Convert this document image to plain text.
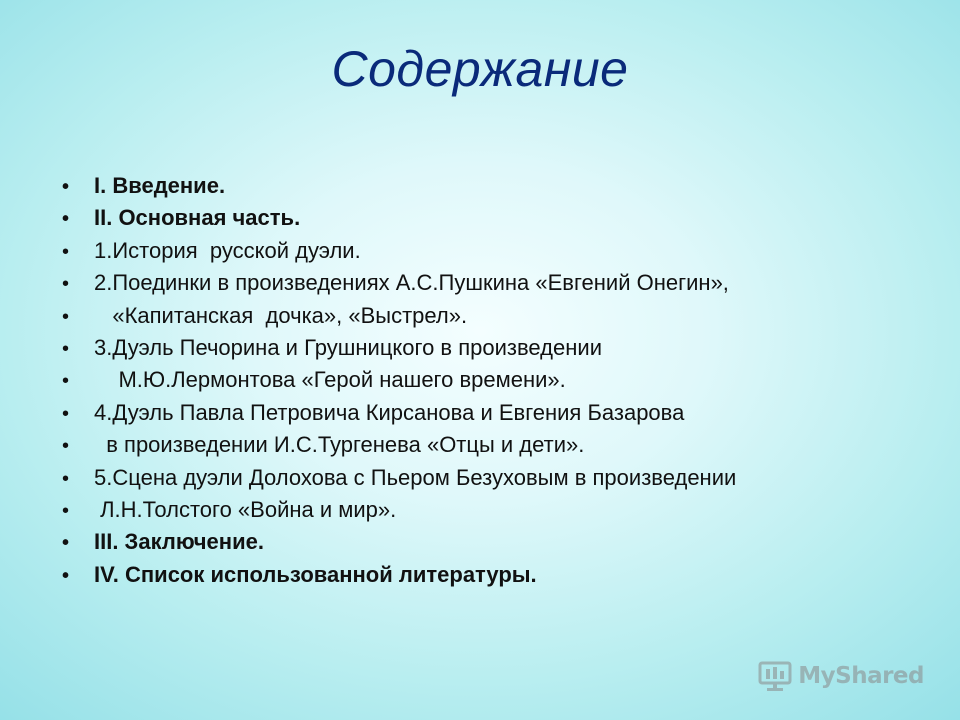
Содержание
• I. Введение.
• II. Основная часть.
• 1.История  русской дуэли.
• 2.Поединки в произведениях А.С.Пушкина «Евгений Онегин»,
•   «Капитанская  дочка», «Выстрел».
• 3.Дуэль Печорина и Грушницкого в произведении
•    М.Ю.Лермонтова «Герой нашего времени».
• 4.Дуэль Павла Петровича Кирсанова и Евгения Базарова
•  в произведении И.С.Тургенева «Отцы и дети».
• 5.Сцена дуэли Долохова с Пьером Безуховым в произведении
• Л.Н.Толстого «Война и мир».
• III. Заключение.
• IV. Список использованной литературы.
MyShared
